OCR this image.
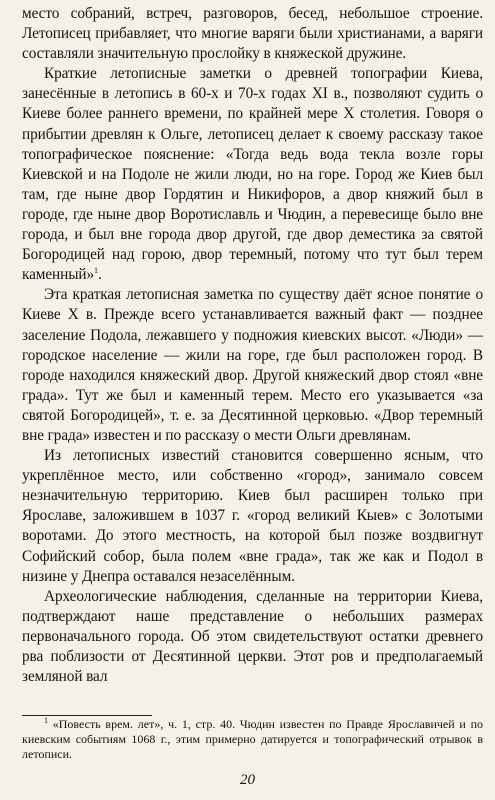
место собраний, встреч, разговоров, бесед, небольшое строение. Летописец прибавляет, что многие варяги были христианами, а варяги составляли значительную прослойку в княжеской дружине.

Краткие летописные заметки о древней топографии Киева, занесённые в летопись в 60-х и 70-х годах XI в., позволяют судить о Киеве более раннего времени, по крайней мере X столетия. Говоря о прибытии древлян к Ольге, летописец делает к своему рассказу такое топографическое пояснение: «Тогда ведь вода текла возле горы Киевской и на Подоле не жили люди, но на горе. Город же Киев был там, где ныне двор Гордятин и Никифоров, а двор княжий был в городе, где ныне двор Воротиславль и Чюдин, а перевесище было вне города, и был вне города двор другой, где двор деместика за святой Богородицей над горою, двор теремный, потому что тут был терем каменный»$^1$.

Эта краткая летописная заметка по существу даёт ясное понятие о Киеве X в. Прежде всего устанавливается важный факт — позднее заселение Подола, лежавшего у подножия киевских высот. «Люди» — городское население — жили на горе, где был расположен город. В городе находился княжеский двор. Другой княжеский двор стоял «вне града». Тут же был и каменный терем. Место его указывается «за святой Богородицей», т. е. за Десятинной церковью. «Двор теремный вне града» известен и по рассказу о мести Ольги древлянам.

Из летописных известий становится совершенно ясным, что укреплённое место, или собственно «город», занимало совсем незначительную территорию. Киев был расширен только при Ярославе, заложившем в 1037 г. «город великий Кыев» с Золотыми воротами. До этого местность, на которой был позже воздвигнут Софийский собор, была полем «вне града», так же как и Подол в низине у Днепра оставался незаселённым.

Археологические наблюдения, сделанные на территории Киева, подтверждают наше представление о небольших размерах первоначального города. Об этом свидетельствуют остатки древнего рва поблизости от Десятинной церкви. Этот ров и предполагаемый земляной вал

$^1$ «Повесть врем. лет», ч. 1, стр. 40. Чюдин известен по Правде Ярославичей и по киевским событиям 1068 г., этим примерно датируется и топографический отрывок в летописи.

20
